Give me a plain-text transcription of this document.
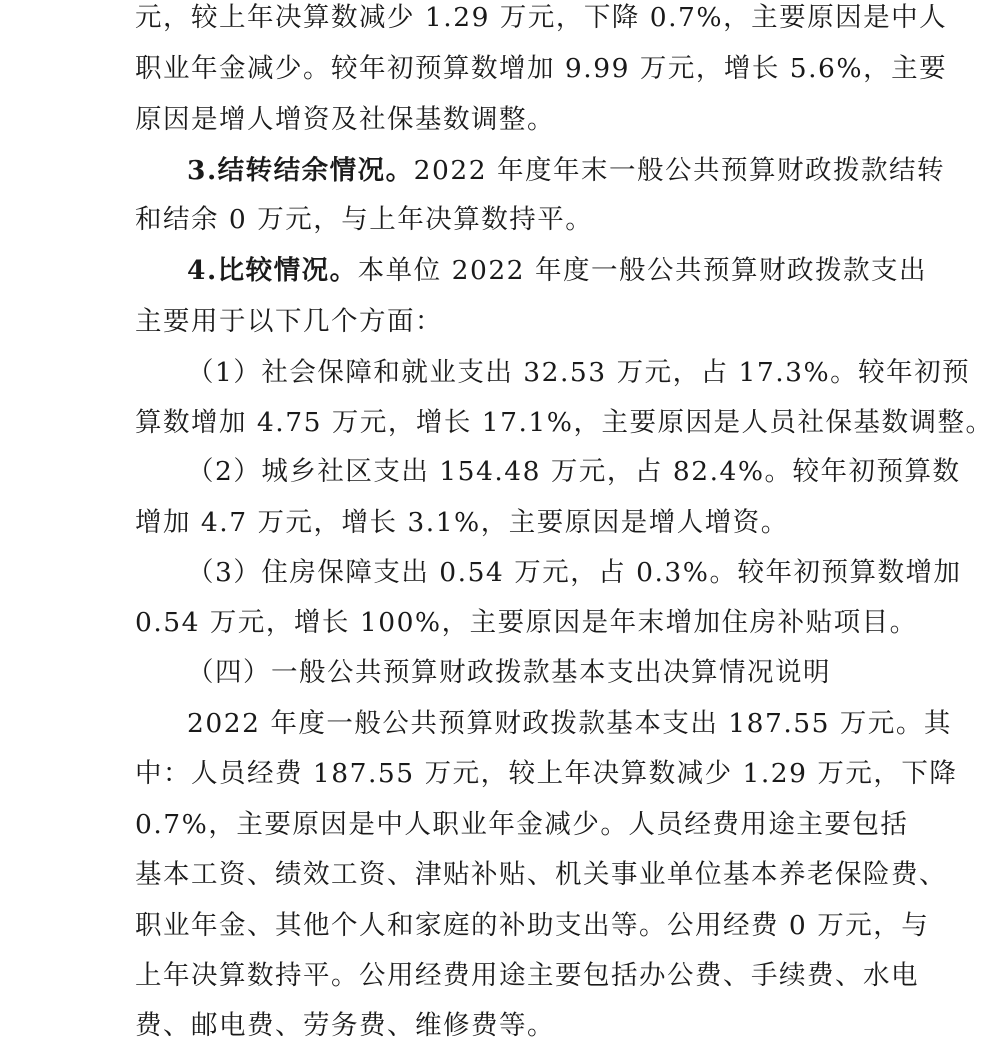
元，较上年决算数减少 1.29 万元，下降 0.7%，主要原因是中人
职业年金减少。较年初预算数增加 9.99 万元，增长 5.6%，主要
原因是增人增资及社保基数调整。
3.结转结余情况。2022 年度年末一般公共预算财政拨款结转
和结余 0 万元，与上年决算数持平。
4.比较情况。本单位 2022 年度一般公共预算财政拨款支出
主要用于以下几个方面：
（1）社会保障和就业支出 32.53 万元，占 17.3%。较年初预
算数增加 4.75 万元，增长 17.1%，主要原因是人员社保基数调整。
（2）城乡社区支出 154.48 万元，占 82.4%。较年初预算数
增加 4.7 万元，增长 3.1%，主要原因是增人增资。
（3）住房保障支出 0.54 万元，占 0.3%。较年初预算数增加
0.54 万元，增长 100%，主要原因是年末增加住房补贴项目。
（四）一般公共预算财政拨款基本支出决算情况说明
2022 年度一般公共预算财政拨款基本支出 187.55 万元。其
中：人员经费 187.55 万元，较上年决算数减少 1.29 万元，下降
0.7%，主要原因是中人职业年金减少。人员经费用途主要包括
基本工资、绩效工资、津贴补贴、机关事业单位基本养老保险费、
职业年金、其他个人和家庭的补助支出等。公用经费 0 万元，与
上年决算数持平。公用经费用途主要包括办公费、手续费、水电
费、邮电费、劳务费、维修费等。
